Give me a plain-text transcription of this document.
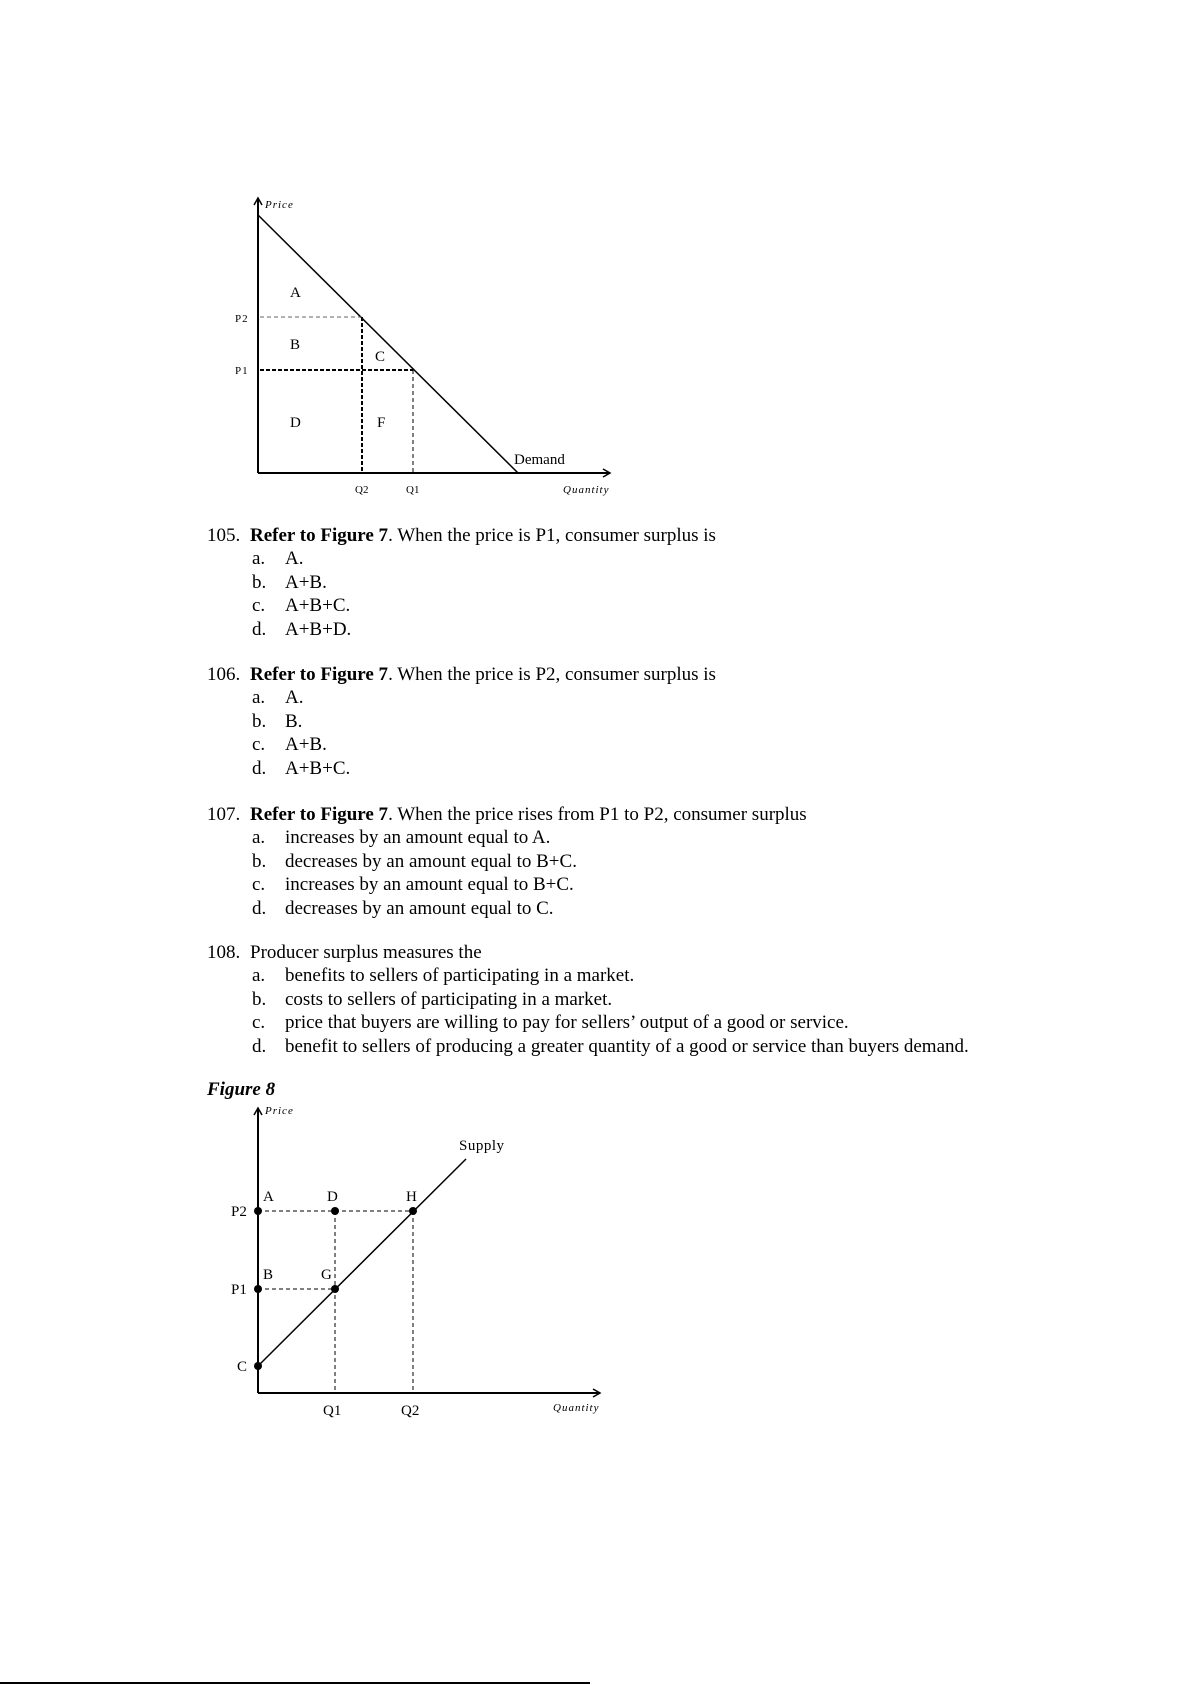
Price
Quantity
P2
P1
Q2	Q1
A
B
C
D	F
Demand
Price
Quantity
P2
P1
Q1	Q2
A	D	H
B	G
C
Supply
105. Refer to Figure 7. When the price is P1, consumer surplus is
a. A.
b. A+B.
c. A+B+C.
d. A+B+D.
106. Refer to Figure 7. When the price is P2, consumer surplus is
a. A.
b. B.
c. A+B.
d. A+B+C.
107. Refer to Figure 7. When the price rises from P1 to P2, consumer surplus
a. increases by an amount equal to A.
b. decreases by an amount equal to B+C.
c. increases by an amount equal to B+C.
d. decreases by an amount equal to C.
108. Producer surplus measures the
a. benefits to sellers of participating in a market.
b. costs to sellers of participating in a market.
c. price that buyers are willing to pay for sellers’ output of a good or service.
d. benefit to sellers of producing a greater quantity of a good or service than buyers demand.
Figure 8
